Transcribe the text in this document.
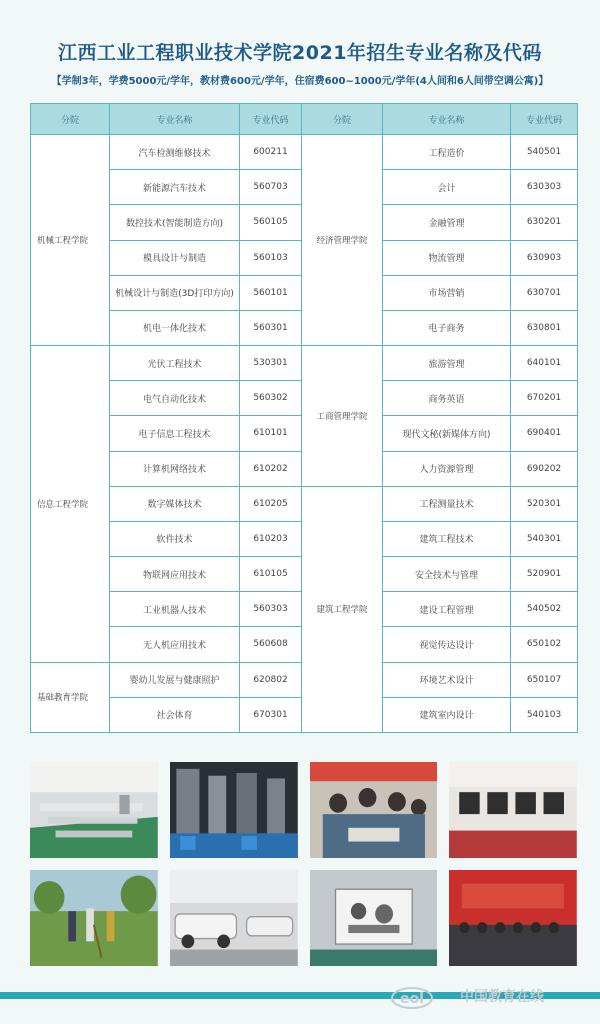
江西工业工程职业技术学院2021年招生专业名称及代码
【学制3年，学费5000元/学年，教材费600元/学年，住宿费600~1000元/学年(4人间和6人间带空调公寓)】
分院	专业名称	专业代码	分院	专业名称	专业代码
机械工程学院	汽车检测维修技术	600211	经济管理学院	工程造价	540501
	新能源汽车技术	560703		会计	630303
	数控技术(智能制造方向)	560105		金融管理	630201
	模具设计与制造	560103		物流管理	630903
	机械设计与制造(3D打印方向)	560101		市场营销	630701
	机电一体化技术	560301		电子商务	630801
信息工程学院	光伏工程技术	530301	工商管理学院	旅游管理	640101
	电气自动化技术	560302		商务英语	670201
	电子信息工程技术	610101		现代文秘(新媒体方向)	690401
	计算机网络技术	610202		人力资源管理	690202
	数字媒体技术	610205	建筑工程学院	工程测量技术	520301
	软件技术	610203		建筑工程技术	540301
	物联网应用技术	610105		安全技术与管理	520901
	工业机器人技术	560303		建设工程管理	540502
	无人机应用技术	560608		视觉传达设计	650102
基础教育学院	婴幼儿发展与健康照护	620802		环境艺术设计	650107
	社会体育	670301		建筑室内设计	540103
eol	中国教育在线
